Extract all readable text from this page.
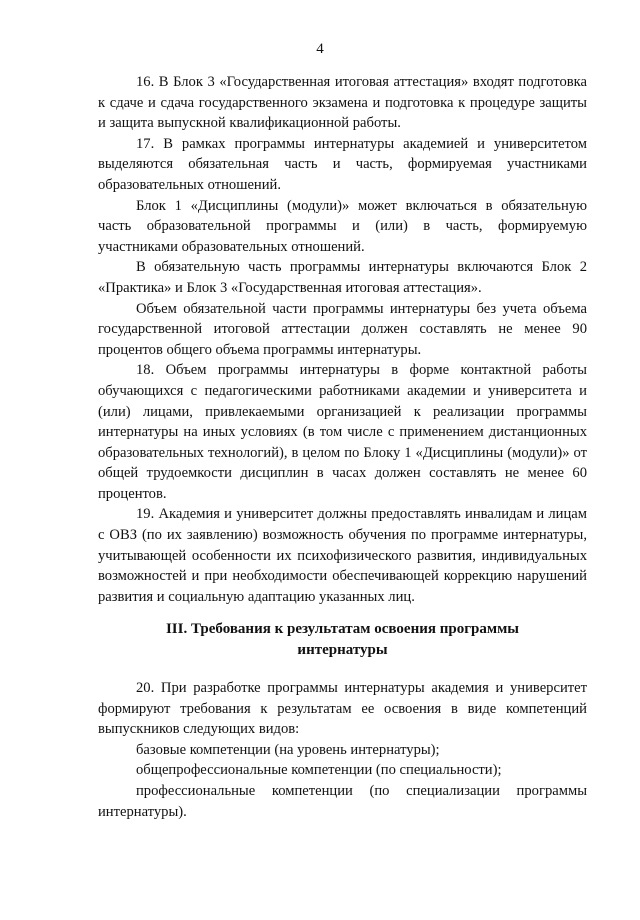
4

16. В Блок 3 «Государственная итоговая аттестация» входят подготовка к сдаче и сдача государственного экзамена и подготовка к процедуре защиты и защита выпускной квалификационной работы.

17. В рамках программы интернатуры академией и университетом выделяются обязательная часть и часть, формируемая участниками образовательных отношений.

Блок 1 «Дисциплины (модули)» может включаться в обязательную часть образовательной программы и (или) в часть, формируемую участниками образовательных отношений.

В обязательную часть программы интернатуры включаются Блок 2 «Практика» и Блок 3 «Государственная итоговая аттестация».

Объем обязательной части программы интернатуры без учета объема государственной итоговой аттестации должен составлять не менее 90 процентов общего объема программы интернатуры.

18. Объем программы интернатуры в форме контактной работы обучающихся с педагогическими работниками академии и университета и (или) лицами, привлекаемыми организацией к реализации программы интернатуры на иных условиях (в том числе с применением дистанционных образовательных технологий), в целом по Блоку 1 «Дисциплины (модули)» от общей трудоемкости дисциплин в часах должен составлять не менее 60 процентов.

19. Академия и университет должны предоставлять инвалидам и лицам с ОВЗ (по их заявлению) возможность обучения по программе интернатуры, учитывающей особенности их психофизического развития, индивидуальных возможностей и при необходимости обеспечивающей коррекцию нарушений развития и социальную адаптацию указанных лиц.

III. Требования к результатам освоения программы
интернатуры

20. При разработке программы интернатуры академия и университет формируют требования к результатам ее освоения в виде компетенций выпускников следующих видов:

базовые компетенции (на уровень интернатуры);

общепрофессиональные компетенции (по специальности);

профессиональные компетенции (по специализации программы интернатуры).
